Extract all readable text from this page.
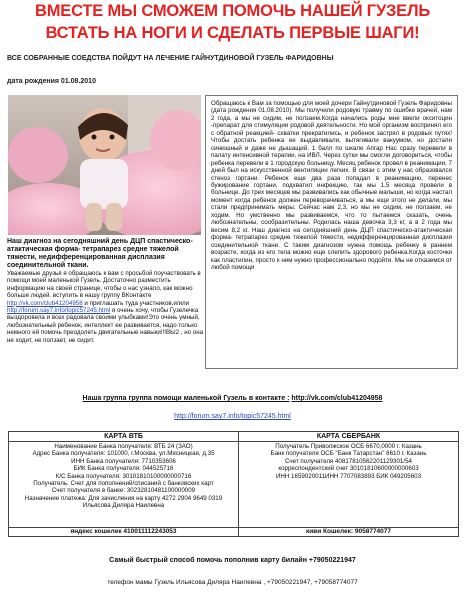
ВМЕСТЕ МЫ СМОЖЕМ ПОМОЧЬ НАШЕЙ ГУЗЕЛЬ
ВСТАТЬ НА НОГИ И СДЕЛАТЬ ПЕРВЫЕ ШАГИ!
ВСЕ СОБРАННЫЕ СОЕДСТВА ПОЙДУТ НА ЛЕЧЕНИЕ ГАЙНУТДИНОВОЙ ГУЗЕЛЬ ФАРИДОВНЫ
дата рождения 01.08.2010
Наш диагноз на сегодняшний день ДЦП спастическо-атактическая форма- тетрапарез средне тяжелой тяжести, недифференцированная дисплазия соединительной ткани.
Уважаемые друзья я обращаюсь к вам с просьбой поучаствовать в помощи моей маленькой Гузель. Достаточно разместить информацию на своей странице, чтобы о нас узнало, как можно больше людей. вступить в нашу группу ВКонтакте http://vk.com/club41204958 и приглашать туда участников,и/или http://forum.say7.info/topic57245.html я очень хочу, чтобы Гузелечка выздоровела и всех радовала своими улыбками!Это очень умный, любознательный ребенок, интеллект ее развивается, надо только немного ей помочь преодолеть двигательные навыки!!!ВЫ2 , но она не ходит, не ползает, не сидит.
Обращаюсь к Вам за помощью для моей дочери Гайнутдиновой Гузель Фаридовны (дата рождения 01.08.2010). Мы получили родовую травму по ошибке врачей, нам 2 года, а мы не сидим, не ползаем.Когда начались роды мне ввели окситоцин -препарат для стимуляции родовой деятельности. Но мой организм воспринял его с обратной реакцией- схватки прекратились, и ребенок застрял в родовых путях! Чтобы достать ребенка ее выдавливали, вытягивали вакуумом, но достали синюшный и даже не дышащий. 1 балл по шкале Апгар Нас сразу перевели в палату интенсивной терапии, на ИВЛ. Через сутки мы смогли договориться, чтобы ребенка перевели в 1 городскую больницу. Месяц ребенок провел в реанимации, 7 дней был на искусственной вентиляции легких. В связи с этим у нас образовался стеноз гортани. Ребенок еще два раза попадал в реанимацию, перенес бужирование гортани, подхватил инфекцию, так мы 1,5 месяца провели в больнице. До трех месяцев мы развивались как обычные малыши, но когда настал момент когда ребенок должен переворачиваться, а мы еще этого не делали, мы стали предпринимать меры. Сейчас нам 2,3, но мы не сидим, не ползаем, не ходим. Но умственно мы развиваемся, что то пытаемся сказать, очень любознательны, сообразительны. Родилась наша девочка 3,3 кг, а в 2 года мы весим 8,2 кг. Наш диагноз на сегодняшний день ДЦП спастическо-атактическая форма- тетрапарез средне тяжелой тяжести, недифференцированная дисплазия соединительной ткани. С таким диагнозом нужна помощь ребенку в раннем возрасте, когда из его тела можно еще слепить здорового ребенка.Когда косточки как пластилин, просто к ним нужно профессионально подойти. Мы не отказемся от любой помощи
Наша группа группа помощи маленькой Гузель в контакте : http://vk.com/club41204958
http://forum.say7.info/topic57245.html
КАРТА ВТБ
Наименование Банка получателя: ВТБ 24 (ЗАО)
Адрес Банка получателя: 101000, г.Москва, ул.Мясницкая, д.35
ИНН Банка получателя: 7710353606
БИК Банка получателя: 044525716
К/С Банка получателя: 30101810100000000716
Получатель: Счет для пополнений/списаний с банковских карт
Счет получателя в банке: 30232810481100000009
Назначение платежа: Для зачисления на карту 4272 2904 9649 0319
Ильясова Диляра Наилевна
яндекс кошелек 410011112243053
КАРТА СБЕРБАНК
Получатель Приволжское ОСБ 6670,0000 г. Казань
Банк получателя ОСБ "Банк Татарстан" 8610 г. Казань
Счет получателя 40817810562201129301/54
корреспондентский счет 30101810600000000603
ИНН 1659020011ИНН 7707083893 БИК 049205603
киви Кошелек: 9058774077
Самый быстрый способ помочь пополнив карту билайн +79050221947
телефон мамы Гузель Ильясова Диляра Наилевна , +79050221947, +79058774077
